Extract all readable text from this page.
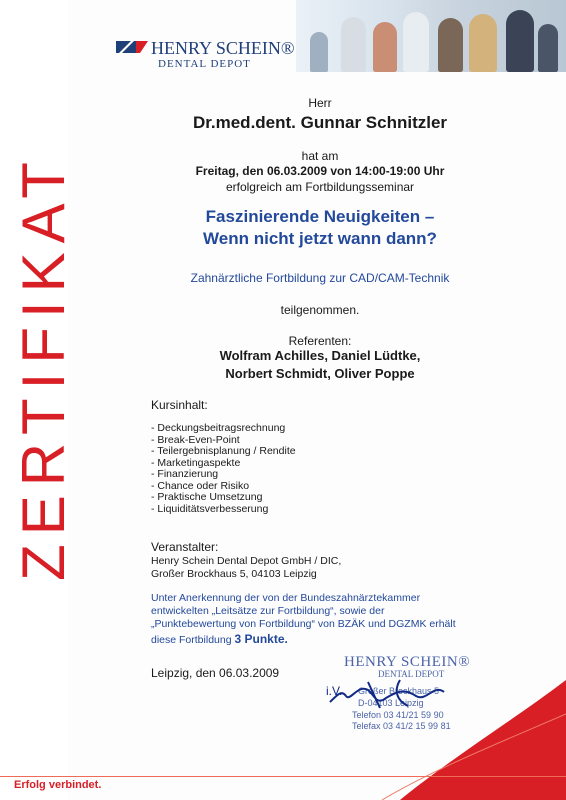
ZERTIFIKAT
HENRY SCHEIN®
DENTAL DEPOT
Herr
Dr.med.dent. Gunnar Schnitzler
hat am
Freitag, den 06.03.2009 von 14:00-19:00 Uhr
erfolgreich am Fortbildungsseminar
Faszinierende Neuigkeiten –
Wenn nicht jetzt wann dann?
Zahnärztliche Fortbildung zur CAD/CAM-Technik
teilgenommen.
Referenten:
Wolfram Achilles, Daniel Lüdtke,
Norbert Schmidt, Oliver Poppe
Kursinhalt:
- Deckungsbeitragsrechnung
- Break-Even-Point
- Teilergebnisplanung / Rendite
- Marketingaspekte
- Finanzierung
- Chance oder Risiko
- Praktische Umsetzung
- Liquiditätsverbesserung
Veranstalter:
Henry Schein Dental Depot GmbH / DIC,
Großer Brockhaus 5, 04103 Leipzig
Unter Anerkennung der von der Bundeszahnärztekammer
entwickelten „Leitsätze zur Fortbildung“, sowie der
„Punktebewertung von Fortbildung“ von BZÄK und DGZMK erhält
diese Fortbildung 3 Punkte.
Leipzig, den 06.03.2009
HENRY SCHEIN®
DENTAL DEPOT
Großer Brockhaus 5
D-04103 Leipzig
Telefon 03 41/21 59 90
Telefax 03 41/2 15 99 81
i.V.
Erfolg verbindet.
